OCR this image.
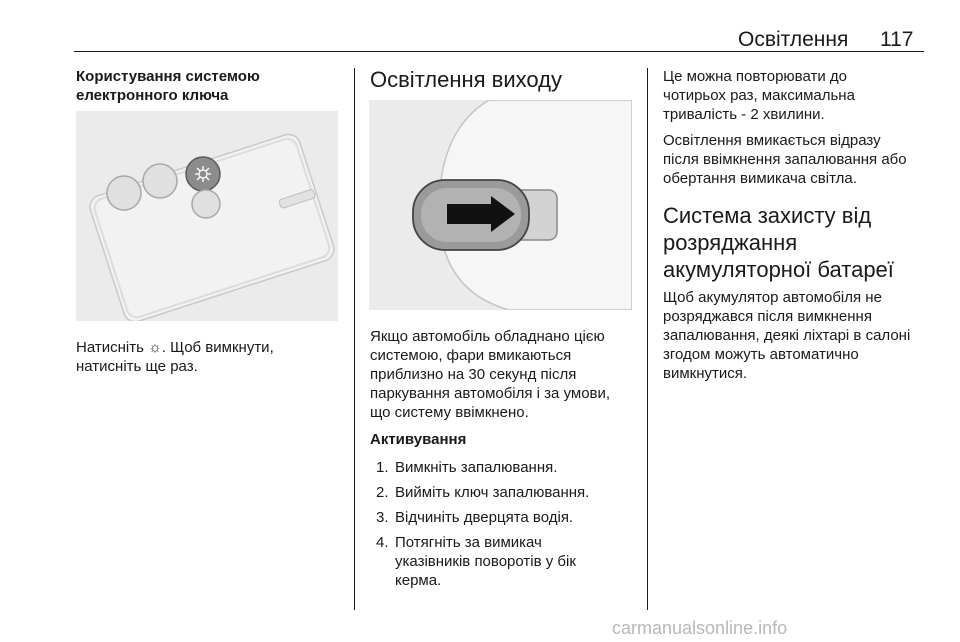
Освітлення 117
Користування системою
електронного ключа
Натисніть ☼. Щоб вимкнути,
натисніть ще раз.
Освітлення виходу
Якщо автомобіль обладнано цією
системою, фари вмикаються
приблизно на 30 секунд після
паркування автомобіля і за умови,
що систему ввімкнено.
Активування
1. Вимкніть запалювання.
2. Вийміть ключ запалювання.
3. Відчиніть дверцята водія.
4. Потягніть за вимикач
указівників поворотів у бік
керма.
Це можна повторювати до
чотирьох раз, максимальна
тривалість - 2 хвилини.
Освітлення вмикається відразу
після ввімкнення запалювання або
обертання вимикача світла.
Система захисту від
розряджання
акумуляторної батареї
Щоб акумулятор автомобіля не
розряджався після вимкнення
запалювання, деякі ліхтарі в салоні
згодом можуть автоматично
вимкнутися.
carmanualsonline.info
